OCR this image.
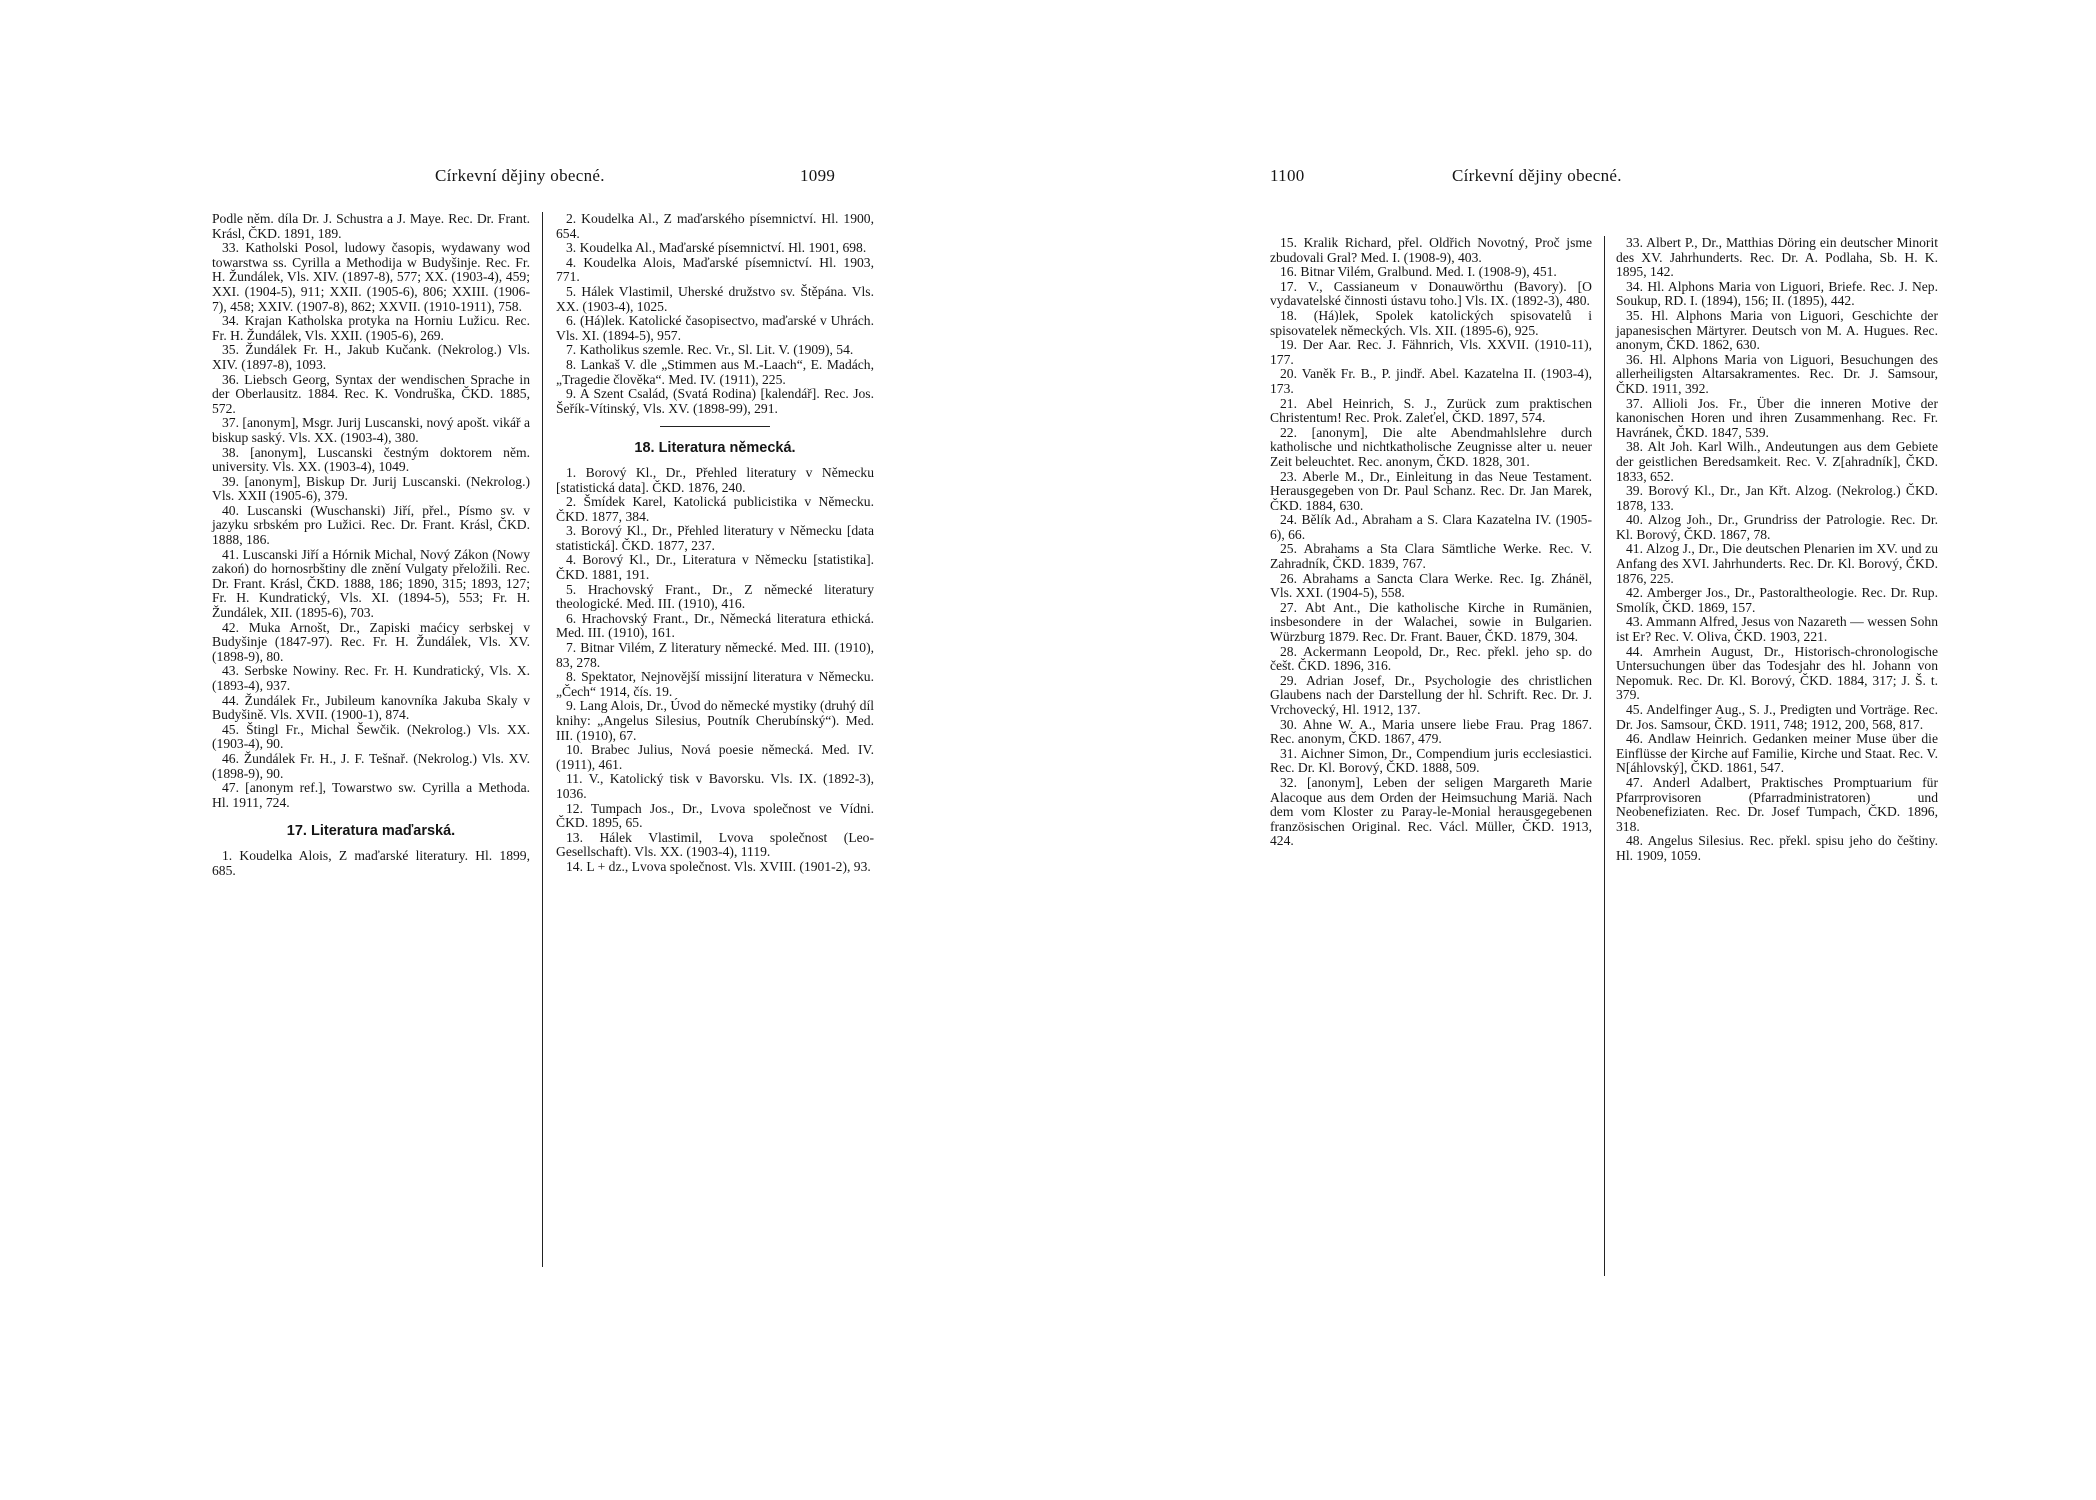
Církevní dějiny obecné.	1099

Podle něm. díla Dr. J. Schustra a J. Maye. Rec. Dr. Frant. Krásl, ČKD. 1891, 189.

33. Katholski Posol, ludowy časopis, wydawany wod towarstwa ss. Cyrilla a Methodija w Budyšinje. Rec. Fr. H. Žundálek, Vls. XIV. (1897-8), 577; XX. (1903-4), 459; XXI. (1904-5), 911; XXII. (1905-6), 806; XXIII. (1906-7), 458; XXIV. (1907-8), 862; XXVII. (1910-1911), 758.

34. Krajan Katholska protyka na Horniu Lužicu. Rec. Fr. H. Žundálek, Vls. XXII. (1905-6), 269.

35. Žundálek Fr. H., Jakub Kučank. (Nekrolog.) Vls. XIV. (1897-8), 1093.

36. Liebsch Georg, Syntax der wendischen Sprache in der Oberlausitz. 1884. Rec. K. Vondruška, ČKD. 1885, 572.

37. [anonym], Msgr. Jurij Luscanski, nový apošt. vikář a biskup saský. Vls. XX. (1903-4), 380.

38. [anonym], Luscanski čestným doktorem něm. university. Vls. XX. (1903-4), 1049.

39. [anonym], Biskup Dr. Jurij Luscanski. (Nekrolog.) Vls. XXII (1905-6), 379.

40. Luscanski (Wuschanski) Jiří, přel., Písmo sv. v jazyku srbském pro Lužici. Rec. Dr. Frant. Krásl, ČKD. 1888, 186.

41. Luscanski Jiří a Hórnik Michal, Nový Zákon (Nowy zakoń) do hornosrbštiny dle znění Vulgaty přeložili. Rec. Dr. Frant. Krásl, ČKD. 1888, 186; 1890, 315; 1893, 127; Fr. H. Kundratický, Vls. XI. (1894-5), 553; Fr. H. Žundálek, XII. (1895-6), 703.

42. Muka Arnošt, Dr., Zapiski maćicy serbskej v Budyšinje (1847-97). Rec. Fr. H. Žundálek, Vls. XV. (1898-9), 80.

43. Serbske Nowiny. Rec. Fr. H. Kundratický, Vls. X. (1893-4), 937.

44. Žundálek Fr., Jubileum kanovníka Jakuba Skaly v Budyšině. Vls. XVII. (1900-1), 874.

45. Štingl Fr., Michal Šewčik. (Nekrolog.) Vls. XX. (1903-4), 90.

46. Žundálek Fr. H., J. F. Tešnař. (Nekrolog.) Vls. XV. (1898-9), 90.

47. [anonym ref.], Towarstwo sw. Cyrilla a Methoda. Hl. 1911, 724.

17. Literatura maďarská.

1. Koudelka Alois, Z maďarské literatury. Hl. 1899, 685.

2. Koudelka Al., Z maďarského písemnictví. Hl. 1900, 654.

3. Koudelka Al., Maďarské písemnictví. Hl. 1901, 698.

4. Koudelka Alois, Maďarské písemnictví. Hl. 1903, 771.

5. Hálek Vlastimil, Uherské družstvo sv. Štěpána. Vls. XX. (1903-4), 1025.

6. (Há)lek. Katolické časopisectvo, maďarské v Uhrách. Vls. XI. (1894-5), 957.

7. Katholikus szemle. Rec. Vr., Sl. Lit. V. (1909), 54.

8. Lankaš V. dle „Stimmen aus M.-Laach“, E. Madách, „Tragedie člověka“. Med. IV. (1911), 225.

9. A Szent Család, (Svatá Rodina) [kalendář]. Rec. Jos. Šeřík-Vítinský, Vls. XV. (1898-99), 291.

18. Literatura německá.

1. Borový Kl., Dr., Přehled literatury v Německu [statistická data]. ČKD. 1876, 240.

2. Šmídek Karel, Katolická publicistika v Německu. ČKD. 1877, 384.

3. Borový Kl., Dr., Přehled literatury v Německu [data statistická]. ČKD. 1877, 237.

4. Borový Kl., Dr., Literatura v Německu [statistika]. ČKD. 1881, 191.

5. Hrachovský Frant., Dr., Z německé literatury theologické. Med. III. (1910), 416.

6. Hrachovský Frant., Dr., Německá literatura ethická. Med. III. (1910), 161.

7. Bitnar Vilém, Z literatury německé. Med. III. (1910), 83, 278.

8. Spektator, Nejnovější missijní literatura v Německu. „Čech“ 1914, čís. 19.

9. Lang Alois, Dr., Úvod do německé mystiky (druhý díl knihy: „Angelus Silesius, Poutník Cherubínský“). Med. III. (1910), 67.

10. Brabec Julius, Nová poesie německá. Med. IV. (1911), 461.

11. V., Katolický tisk v Bavorsku. Vls. IX. (1892-3), 1036.

12. Tumpach Jos., Dr., Lvova společnost ve Vídni. ČKD. 1895, 65.

13. Hálek Vlastimil, Lvova společnost (Leo-Gesellschaft). Vls. XX. (1903-4), 1119.

14. L + dz., Lvova společnost. Vls. XVIII. (1901-2), 93.

1100	Církevní dějiny obecné.

15. Kralik Richard, přel. Oldřich Novotný, Proč jsme zbudovali Gral? Med. I. (1908-9), 403.

16. Bitnar Vilém, Gralbund. Med. I. (1908-9), 451.

17. V., Cassianeum v Donauwörthu (Bavory). [O vydavatelské činnosti ústavu toho.] Vls. IX. (1892-3), 480.

18. (Há)lek, Spolek katolických spisovatelů i spisovatelek německých. Vls. XII. (1895-6), 925.

19. Der Aar. Rec. J. Fähnrich, Vls. XXVII. (1910-11), 177.

20. Vaněk Fr. B., P. jindř. Abel. Kazatelna II. (1903-4), 173.

21. Abel Heinrich, S. J., Zurück zum praktischen Christentum! Rec. Prok. Zaleťel, ČKD. 1897, 574.

22. [anonym], Die alte Abendmahlslehre durch katholische und nichtkatholische Zeugnisse alter u. neuer Zeit beleuchtet. Rec. anonym, ČKD. 1828, 301.

23. Aberle M., Dr., Einleitung in das Neue Testament. Herausgegeben von Dr. Paul Schanz. Rec. Dr. Jan Marek, ČKD. 1884, 630.

24. Bělík Ad., Abraham a S. Clara Kazatelna IV. (1905-6), 66.

25. Abrahams a Sta Clara Sämtliche Werke. Rec. V. Zahradník, ČKD. 1839, 767.

26. Abrahams a Sancta Clara Werke. Rec. Ig. Zhánël, Vls. XXI. (1904-5), 558.

27. Abt Ant., Die katholische Kirche in Rumänien, insbesondere in der Walachei, sowie in Bulgarien. Würzburg 1879. Rec. Dr. Frant. Bauer, ČKD. 1879, 304.

28. Ackermann Leopold, Dr., Rec. překl. jeho sp. do češt. ČKD. 1896, 316.

29. Adrian Josef, Dr., Psychologie des christlichen Glaubens nach der Darstellung der hl. Schrift. Rec. Dr. J. Vrchovecký, Hl. 1912, 137.

30. Ahne W. A., Maria unsere liebe Frau. Prag 1867. Rec. anonym, ČKD. 1867, 479.

31. Aichner Simon, Dr., Compendium juris ecclesiastici. Rec. Dr. Kl. Borový, ČKD. 1888, 509.

32. [anonym], Leben der seligen Margareth Marie Alacoque aus dem Orden der Heimsuchung Mariä. Nach dem vom Kloster zu Paray-le-Monial herausgegebenen französischen Original. Rec. Václ. Müller, ČKD. 1913, 424.

33. Albert P., Dr., Matthias Döring ein deutscher Minorit des XV. Jahrhunderts. Rec. Dr. A. Podlaha, Sb. H. K. 1895, 142.

34. Hl. Alphons Maria von Liguori, Briefe. Rec. J. Nep. Soukup, RD. I. (1894), 156; II. (1895), 442.

35. Hl. Alphons Maria von Liguori, Geschichte der japanesischen Märtyrer. Deutsch von M. A. Hugues. Rec. anonym, ČKD. 1862, 630.

36. Hl. Alphons Maria von Liguori, Besuchungen des allerheiligsten Altarsakramentes. Rec. Dr. J. Samsour, ČKD. 1911, 392.

37. Allioli Jos. Fr., Über die inneren Motive der kanonischen Horen und ihren Zusammenhang. Rec. Fr. Havránek, ČKD. 1847, 539.

38. Alt Joh. Karl Wilh., Andeutungen aus dem Gebiete der geistlichen Beredsamkeit. Rec. V. Z[ahradník], ČKD. 1833, 652.

39. Borový Kl., Dr., Jan Křt. Alzog. (Nekrolog.) ČKD. 1878, 133.

40. Alzog Joh., Dr., Grundriss der Patrologie. Rec. Dr. Kl. Borový, ČKD. 1867, 78.

41. Alzog J., Dr., Die deutschen Plenarien im XV. und zu Anfang des XVI. Jahrhunderts. Rec. Dr. Kl. Borový, ČKD. 1876, 225.

42. Amberger Jos., Dr., Pastoraltheologie. Rec. Dr. Rup. Smolík, ČKD. 1869, 157.

43. Ammann Alfred, Jesus von Nazareth — wessen Sohn ist Er? Rec. V. Oliva, ČKD. 1903, 221.

44. Amrhein August, Dr., Historisch-chronologische Untersuchungen über das Todesjahr des hl. Johann von Nepomuk. Rec. Dr. Kl. Borový, ČKD. 1884, 317; J. Š. t. 379.

45. Andelfinger Aug., S. J., Predigten und Vorträge. Rec. Dr. Jos. Samsour, ČKD. 1911, 748; 1912, 200, 568, 817.

46. Andlaw Heinrich. Gedanken meiner Muse über die Einflüsse der Kirche auf Familie, Kirche und Staat. Rec. V. N[áhlovský], ČKD. 1861, 547.

47. Anderl Adalbert, Praktisches Promptuarium für Pfarrprovisoren (Pfarradministratoren) und Neobenefiziaten. Rec. Dr. Josef Tumpach, ČKD. 1896, 318.

48. Angelus Silesius. Rec. překl. spisu jeho do češtiny. Hl. 1909, 1059.
